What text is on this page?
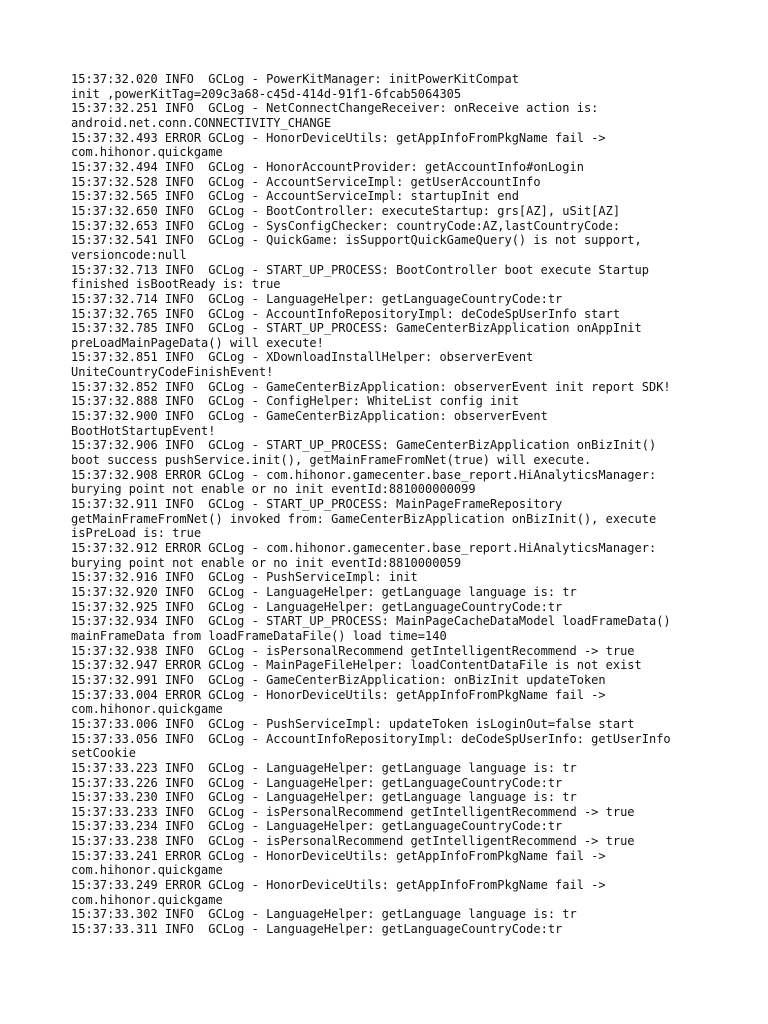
15:37:32.020 INFO  GCLog - PowerKitManager: initPowerKitCompat
init ,powerKitTag=209c3a68-c45d-414d-91f1-6fcab5064305
15:37:32.251 INFO  GCLog - NetConnectChangeReceiver: onReceive action is:
android.net.conn.CONNECTIVITY_CHANGE
15:37:32.493 ERROR GCLog - HonorDeviceUtils: getAppInfoFromPkgName fail ->
com.hihonor.quickgame
15:37:32.494 INFO  GCLog - HonorAccountProvider: getAccountInfo#onLogin
15:37:32.528 INFO  GCLog - AccountServiceImpl: getUserAccountInfo
15:37:32.565 INFO  GCLog - AccountServiceImpl: startupInit end
15:37:32.650 INFO  GCLog - BootController: executeStartup: grs[AZ], uSit[AZ]
15:37:32.653 INFO  GCLog - SysConfigChecker: countryCode:AZ,lastCountryCode:
15:37:32.541 INFO  GCLog - QuickGame: isSupportQuickGameQuery() is not support,
versioncode:null
15:37:32.713 INFO  GCLog - START_UP_PROCESS: BootController boot execute Startup
finished isBootReady is: true
15:37:32.714 INFO  GCLog - LanguageHelper: getLanguageCountryCode:tr
15:37:32.765 INFO  GCLog - AccountInfoRepositoryImpl: deCodeSpUserInfo start
15:37:32.785 INFO  GCLog - START_UP_PROCESS: GameCenterBizApplication onAppInit
preLoadMainPageData() will execute!
15:37:32.851 INFO  GCLog - XDownloadInstallHelper: observerEvent
UniteCountryCodeFinishEvent!
15:37:32.852 INFO  GCLog - GameCenterBizApplication: observerEvent init report SDK!
15:37:32.888 INFO  GCLog - ConfigHelper: WhiteList config init
15:37:32.900 INFO  GCLog - GameCenterBizApplication: observerEvent
BootHotStartupEvent!
15:37:32.906 INFO  GCLog - START_UP_PROCESS: GameCenterBizApplication onBizInit()
boot success pushService.init(), getMainFrameFromNet(true) will execute.
15:37:32.908 ERROR GCLog - com.hihonor.gamecenter.base_report.HiAnalyticsManager:
burying point not enable or no init eventId:881000000099
15:37:32.911 INFO  GCLog - START_UP_PROCESS: MainPageFrameRepository
getMainFrameFromNet() invoked from: GameCenterBizApplication onBizInit(), execute
isPreLoad is: true
15:37:32.912 ERROR GCLog - com.hihonor.gamecenter.base_report.HiAnalyticsManager:
burying point not enable or no init eventId:8810000059
15:37:32.916 INFO  GCLog - PushServiceImpl: init
15:37:32.920 INFO  GCLog - LanguageHelper: getLanguage language is: tr
15:37:32.925 INFO  GCLog - LanguageHelper: getLanguageCountryCode:tr
15:37:32.934 INFO  GCLog - START_UP_PROCESS: MainPageCacheDataModel loadFrameData()
mainFrameData from loadFrameDataFile() load time=140
15:37:32.938 INFO  GCLog - isPersonalRecommend getIntelligentRecommend -> true
15:37:32.947 ERROR GCLog - MainPageFileHelper: loadContentDataFile is not exist
15:37:32.991 INFO  GCLog - GameCenterBizApplication: onBizInit updateToken
15:37:33.004 ERROR GCLog - HonorDeviceUtils: getAppInfoFromPkgName fail ->
com.hihonor.quickgame
15:37:33.006 INFO  GCLog - PushServiceImpl: updateToken isLoginOut=false start
15:37:33.056 INFO  GCLog - AccountInfoRepositoryImpl: deCodeSpUserInfo: getUserInfo
setCookie
15:37:33.223 INFO  GCLog - LanguageHelper: getLanguage language is: tr
15:37:33.226 INFO  GCLog - LanguageHelper: getLanguageCountryCode:tr
15:37:33.230 INFO  GCLog - LanguageHelper: getLanguage language is: tr
15:37:33.233 INFO  GCLog - isPersonalRecommend getIntelligentRecommend -> true
15:37:33.234 INFO  GCLog - LanguageHelper: getLanguageCountryCode:tr
15:37:33.238 INFO  GCLog - isPersonalRecommend getIntelligentRecommend -> true
15:37:33.241 ERROR GCLog - HonorDeviceUtils: getAppInfoFromPkgName fail ->
com.hihonor.quickgame
15:37:33.249 ERROR GCLog - HonorDeviceUtils: getAppInfoFromPkgName fail ->
com.hihonor.quickgame
15:37:33.302 INFO  GCLog - LanguageHelper: getLanguage language is: tr
15:37:33.311 INFO  GCLog - LanguageHelper: getLanguageCountryCode:tr
